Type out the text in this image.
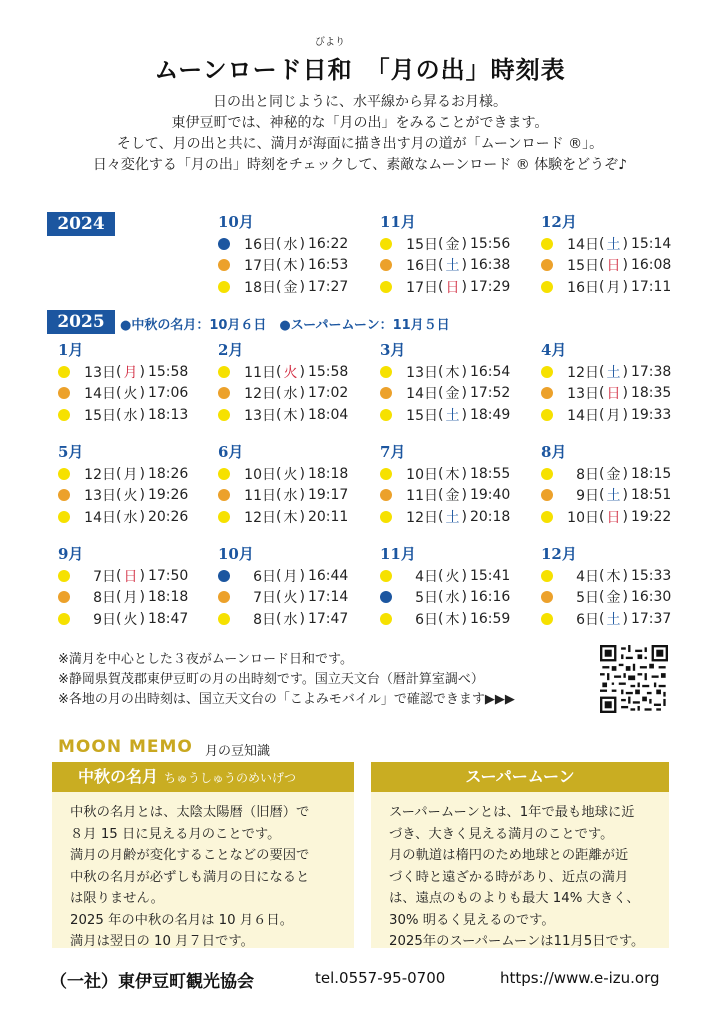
びより
ムーンロード日和　「月の出」時刻表
日の出と同じように、水平線から昇るお月様。
東伊豆町では、神秘的な「月の出」をみることができます。
そして、月の出と共に、満月が海面に描き出す月の道が「ムーンロード ®」。
日々変化する「月の出」時刻をチェックして、素敵なムーンロード ® 体験をどうぞ♪
2024
2025	●中秋の名月：10月６日　●スーパームーン：11月５日
10月
16日 ( 水 ) 16:22
17日 ( 木 ) 16:53
18日 ( 金 ) 17:27
11月
15日 ( 金 ) 15:56
16日 ( 土 ) 16:38
17日 ( 日 ) 17:29
12月
14日 ( 土 ) 15:14
15日 ( 日 ) 16:08
16日 ( 月 ) 17:11
1月
13日 ( 月 ) 15:58
14日 ( 火 ) 17:06
15日 ( 水 ) 18:13
2月
11日 ( 火 ) 15:58
12日 ( 水 ) 17:02
13日 ( 木 ) 18:04
3月
13日 ( 木 ) 16:54
14日 ( 金 ) 17:52
15日 ( 土 ) 18:49
4月
12日 ( 土 ) 17:38
13日 ( 日 ) 18:35
14日 ( 月 ) 19:33
5月
12日 ( 月 ) 18:26
13日 ( 火 ) 19:26
14日 ( 水 ) 20:26
6月
10日 ( 火 ) 18:18
11日 ( 水 ) 19:17
12日 ( 木 ) 20:11
7月
10日 ( 木 ) 18:55
11日 ( 金 ) 19:40
12日 ( 土 ) 20:18
8月
8日 ( 金 ) 18:15
9日 ( 土 ) 18:51
10日 ( 日 ) 19:22
9月
7日 ( 日 ) 17:50
8日 ( 月 ) 18:18
9日 ( 火 ) 18:47
10月
6日 ( 月 ) 16:44
7日 ( 火 ) 17:14
8日 ( 水 ) 17:47
11月
4日 ( 火 ) 15:41
5日 ( 水 ) 16:16
6日 ( 木 ) 16:59
12月
4日 ( 木 ) 15:33
5日 ( 金 ) 16:30
6日 ( 土 ) 17:37
※満月を中心とした３夜がムーンロード日和です。
※静岡県賀茂郡東伊豆町の月の出時刻です。国立天文台（暦計算室調べ）
※各地の月の出時刻は、国立天文台の「こよみモバイル」で確認できます▶▶▶
MOON MEMO 月の豆知識
中秋の名月 ちゅうしゅうのめいげつ
中秋の名月とは、太陰太陽暦（旧暦）で
８月 15 日に見える月のことです。
満月の月齢が変化することなどの要因で
中秋の名月が必ずしも満月の日になると
は限りません。
2025 年の中秋の名月は 10 月６日。
満月は翌日の 10 月７日です。
スーパームーン
スーパームーンとは、1年で最も地球に近
づき、大きく見える満月のことです。
月の軌道は楕円のため地球との距離が近
づく時と遠ざかる時があり、近点の満月
は、遠点のものよりも最大 14% 大きく、
30% 明るく見えるのです。
2025年のスーパームーンは11月5日です。
（一社）東伊豆町観光協会	tel.0557-95-0700	https://www.e-izu.org
